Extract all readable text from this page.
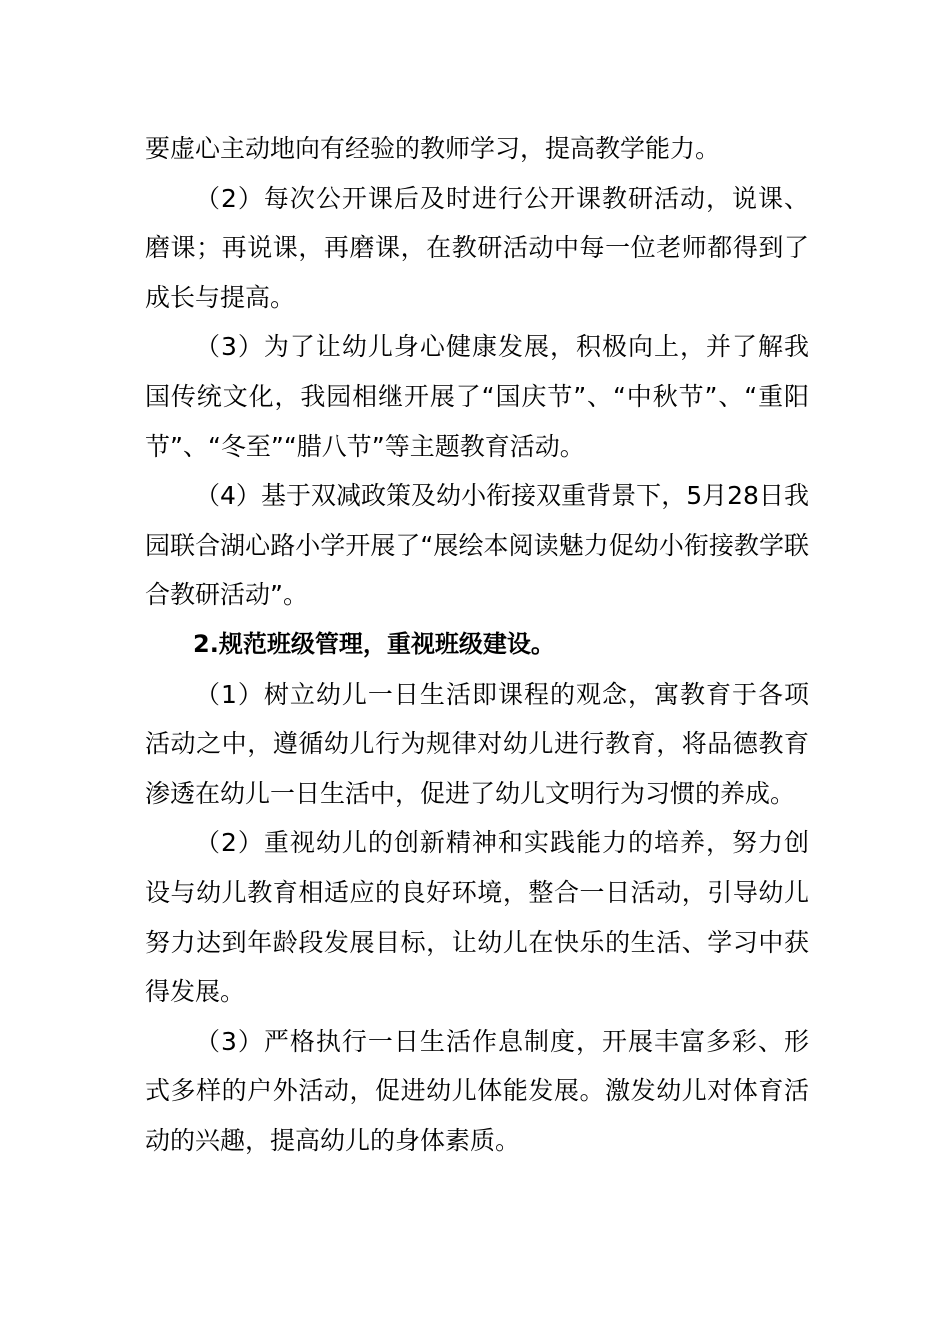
要虚心主动地向有经验的教师学习，提高教学能力。

（2）每次公开课后及时进行公开课教研活动，说课、磨课；再说课，再磨课，在教研活动中每一位老师都得到了成长与提高。

（3）为了让幼儿身心健康发展，积极向上，并了解我国传统文化，我园相继开展了“国庆节”、“中秋节”、“重阳节”、“冬至”“腊八节”等主题教育活动。

（4）基于双减政策及幼小衔接双重背景下，5月28日我园联合湖心路小学开展了“展绘本阅读魅力促幼小衔接教学联合教研活动”。

2.规范班级管理，重视班级建设。

（1）树立幼儿一日生活即课程的观念，寓教育于各项活动之中，遵循幼儿行为规律对幼儿进行教育，将品德教育渗透在幼儿一日生活中，促进了幼儿文明行为习惯的养成。

（2）重视幼儿的创新精神和实践能力的培养，努力创设与幼儿教育相适应的良好环境，整合一日活动，引导幼儿努力达到年龄段发展目标，让幼儿在快乐的生活、学习中获得发展。

（3）严格执行一日生活作息制度，开展丰富多彩、形式多样的户外活动，促进幼儿体能发展。激发幼儿对体育活动的兴趣，提高幼儿的身体素质。
